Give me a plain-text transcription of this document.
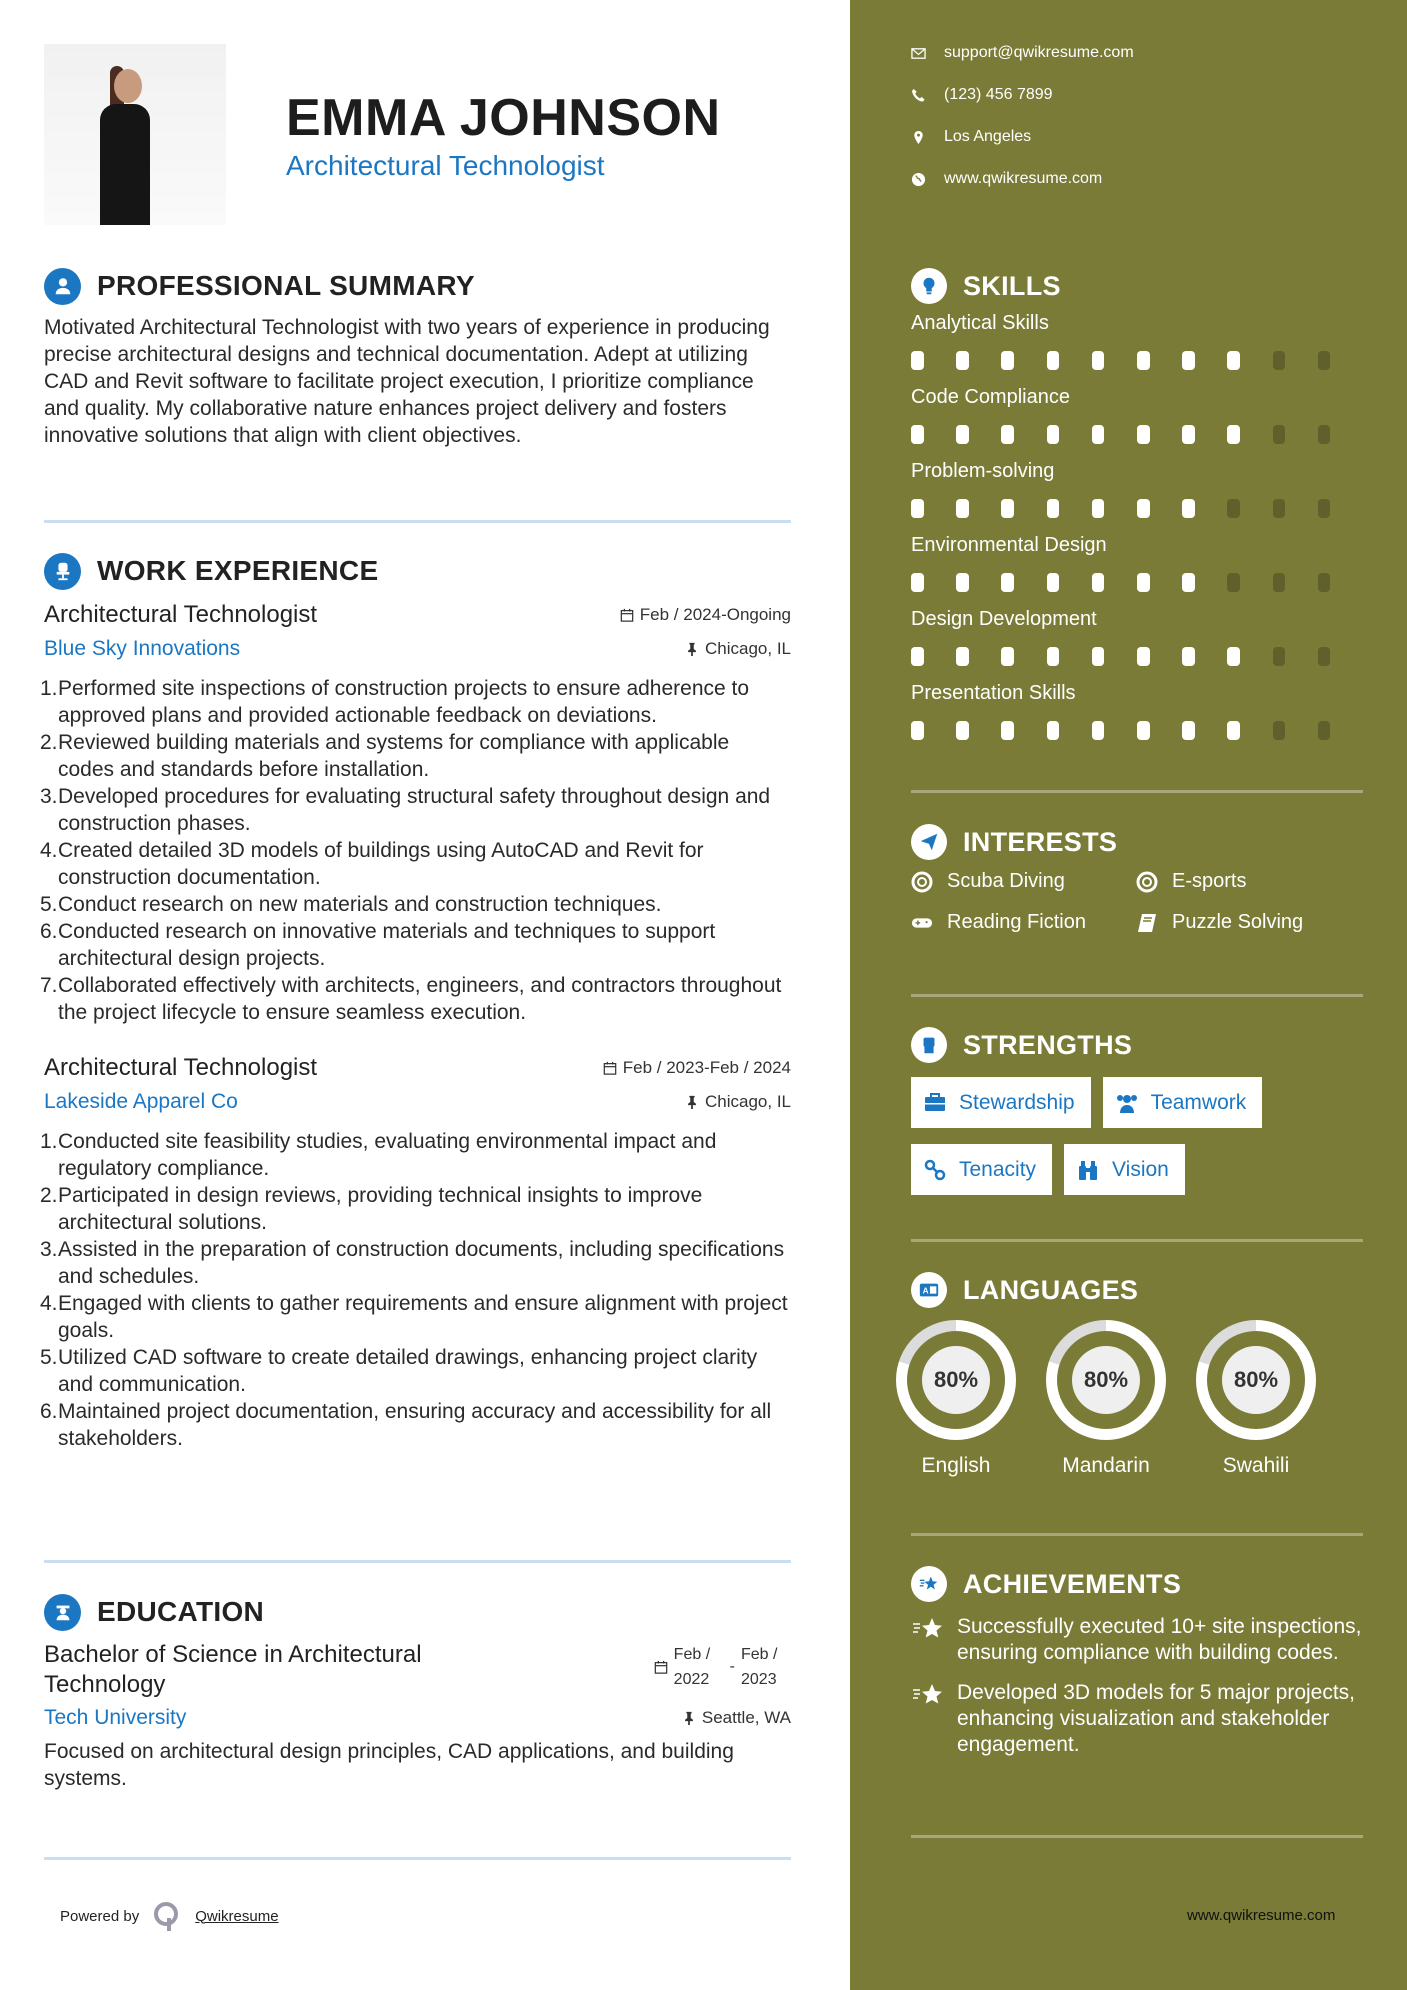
EMMA JOHNSON
Architectural Technologist
PROFESSIONAL SUMMARY

Motivated Architectural Technologist with two years of experience in producing precise architectural designs and technical documentation. Adept at utilizing CAD and Revit software to facilitate project execution, I prioritize compliance and quality. My collaborative nature enhances project delivery and fosters innovative solutions that align with client objectives.

WORK EXPERIENCE
Architectural Technologist	Feb / 2024-Ongoing
Blue Sky Innovations	Chicago, IL
1. Performed site inspections of construction projects to ensure adherence to approved plans and provided actionable feedback on deviations.
2. Reviewed building materials and systems for compliance with applicable codes and standards before installation.
3. Developed procedures for evaluating structural safety throughout design and construction phases.
4. Created detailed 3D models of buildings using AutoCAD and Revit for construction documentation.
5. Conduct research on new materials and construction techniques.
6. Conducted research on innovative materials and techniques to support architectural design projects.
7. Collaborated effectively with architects, engineers, and contractors throughout the project lifecycle to ensure seamless execution.
Architectural Technologist	Feb / 2023-Feb / 2024
Lakeside Apparel Co	Chicago, IL
1. Conducted site feasibility studies, evaluating environmental impact and regulatory compliance.
2. Participated in design reviews, providing technical insights to improve architectural solutions.
3. Assisted in the preparation of construction documents, including specifications and schedules.
4. Engaged with clients to gather requirements and ensure alignment with project goals.
5. Utilized CAD software to create detailed drawings, enhancing project clarity and communication.
6. Maintained project documentation, ensuring accuracy and accessibility for all stakeholders.
EDUCATION
Bachelor of Science in Architectural Technology
Feb / 2022
-
Feb / 2023
Tech University	Seattle, WA

Focused on architectural design principles, CAD applications, and building systems.

Powered by	Qwikresume
support@qwikresume.com
(123) 456 7899
Los Angeles
www.qwikresume.com
SKILLS
Analytical Skills
Code Compliance
Problem-solving
Environmental Design
Design Development
Presentation Skills
INTERESTS
Scuba Diving	E-sports
Reading Fiction	Puzzle Solving
STRENGTHS
Stewardship	Teamwork
Tenacity	Vision
A LANGUAGES
80%
English
80%
Mandarin
80%
Swahili
ACHIEVEMENTS
Successfully executed 10+ site inspections, ensuring compliance with building codes.
Developed 3D models for 5 major projects, enhancing visualization and stakeholder engagement.
www.qwikresume.com
